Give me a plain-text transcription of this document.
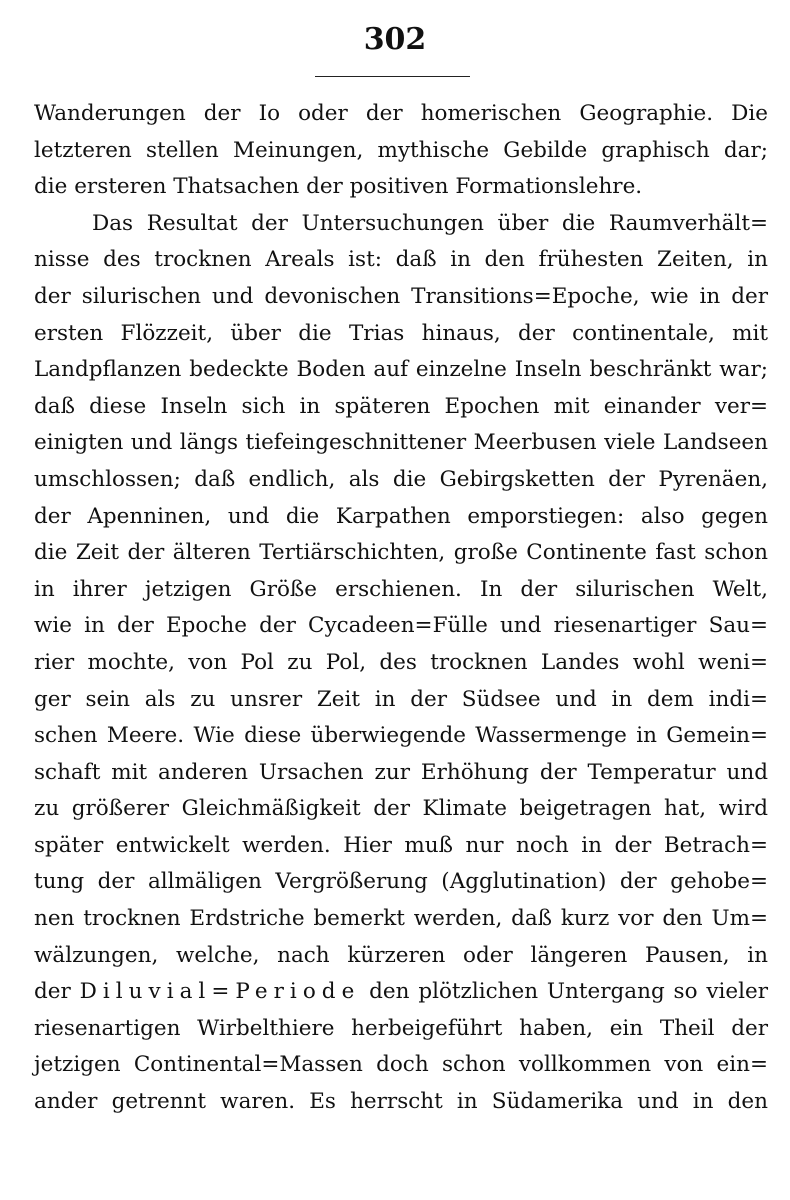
302
Wanderungen der Io oder der homerischen Geographie. Die
letzteren stellen Meinungen, mythische Gebilde graphisch dar;
die ersteren Thatsachen der positiven Formationslehre.
Das Resultat der Untersuchungen über die Raumverhält=
nisse des trocknen Areals ist: daß in den frühesten Zeiten, in
der silurischen und devonischen Transitions=Epoche, wie in der
ersten Flözzeit, über die Trias hinaus, der continentale, mit
Landpflanzen bedeckte Boden auf einzelne Inseln beschränkt war;
daß diese Inseln sich in späteren Epochen mit einander ver=
einigten und längs tiefeingeschnittener Meerbusen viele Landseen
umschlossen; daß endlich, als die Gebirgsketten der Pyrenäen,
der Apenninen, und die Karpathen emporstiegen: also gegen
die Zeit der älteren Tertiärschichten, große Continente fast schon
in ihrer jetzigen Größe erschienen. In der silurischen Welt,
wie in der Epoche der Cycadeen=Fülle und riesenartiger Sau=
rier mochte, von Pol zu Pol, des trocknen Landes wohl weni=
ger sein als zu unsrer Zeit in der Südsee und in dem indi=
schen Meere. Wie diese überwiegende Wassermenge in Gemein=
schaft mit anderen Ursachen zur Erhöhung der Temperatur und
zu größerer Gleichmäßigkeit der Klimate beigetragen hat, wird
später entwickelt werden. Hier muß nur noch in der Betrach=
tung der allmäligen Vergrößerung (Agglutination) der gehobe=
nen trocknen Erdstriche bemerkt werden, daß kurz vor den Um=
wälzungen, welche, nach kürzeren oder längeren Pausen, in
der Diluvial=Periode den plötzlichen Untergang so vieler
riesenartigen Wirbelthiere herbeigeführt haben, ein Theil der
jetzigen Continental=Massen doch schon vollkommen von ein=
ander getrennt waren. Es herrscht in Südamerika und in den
